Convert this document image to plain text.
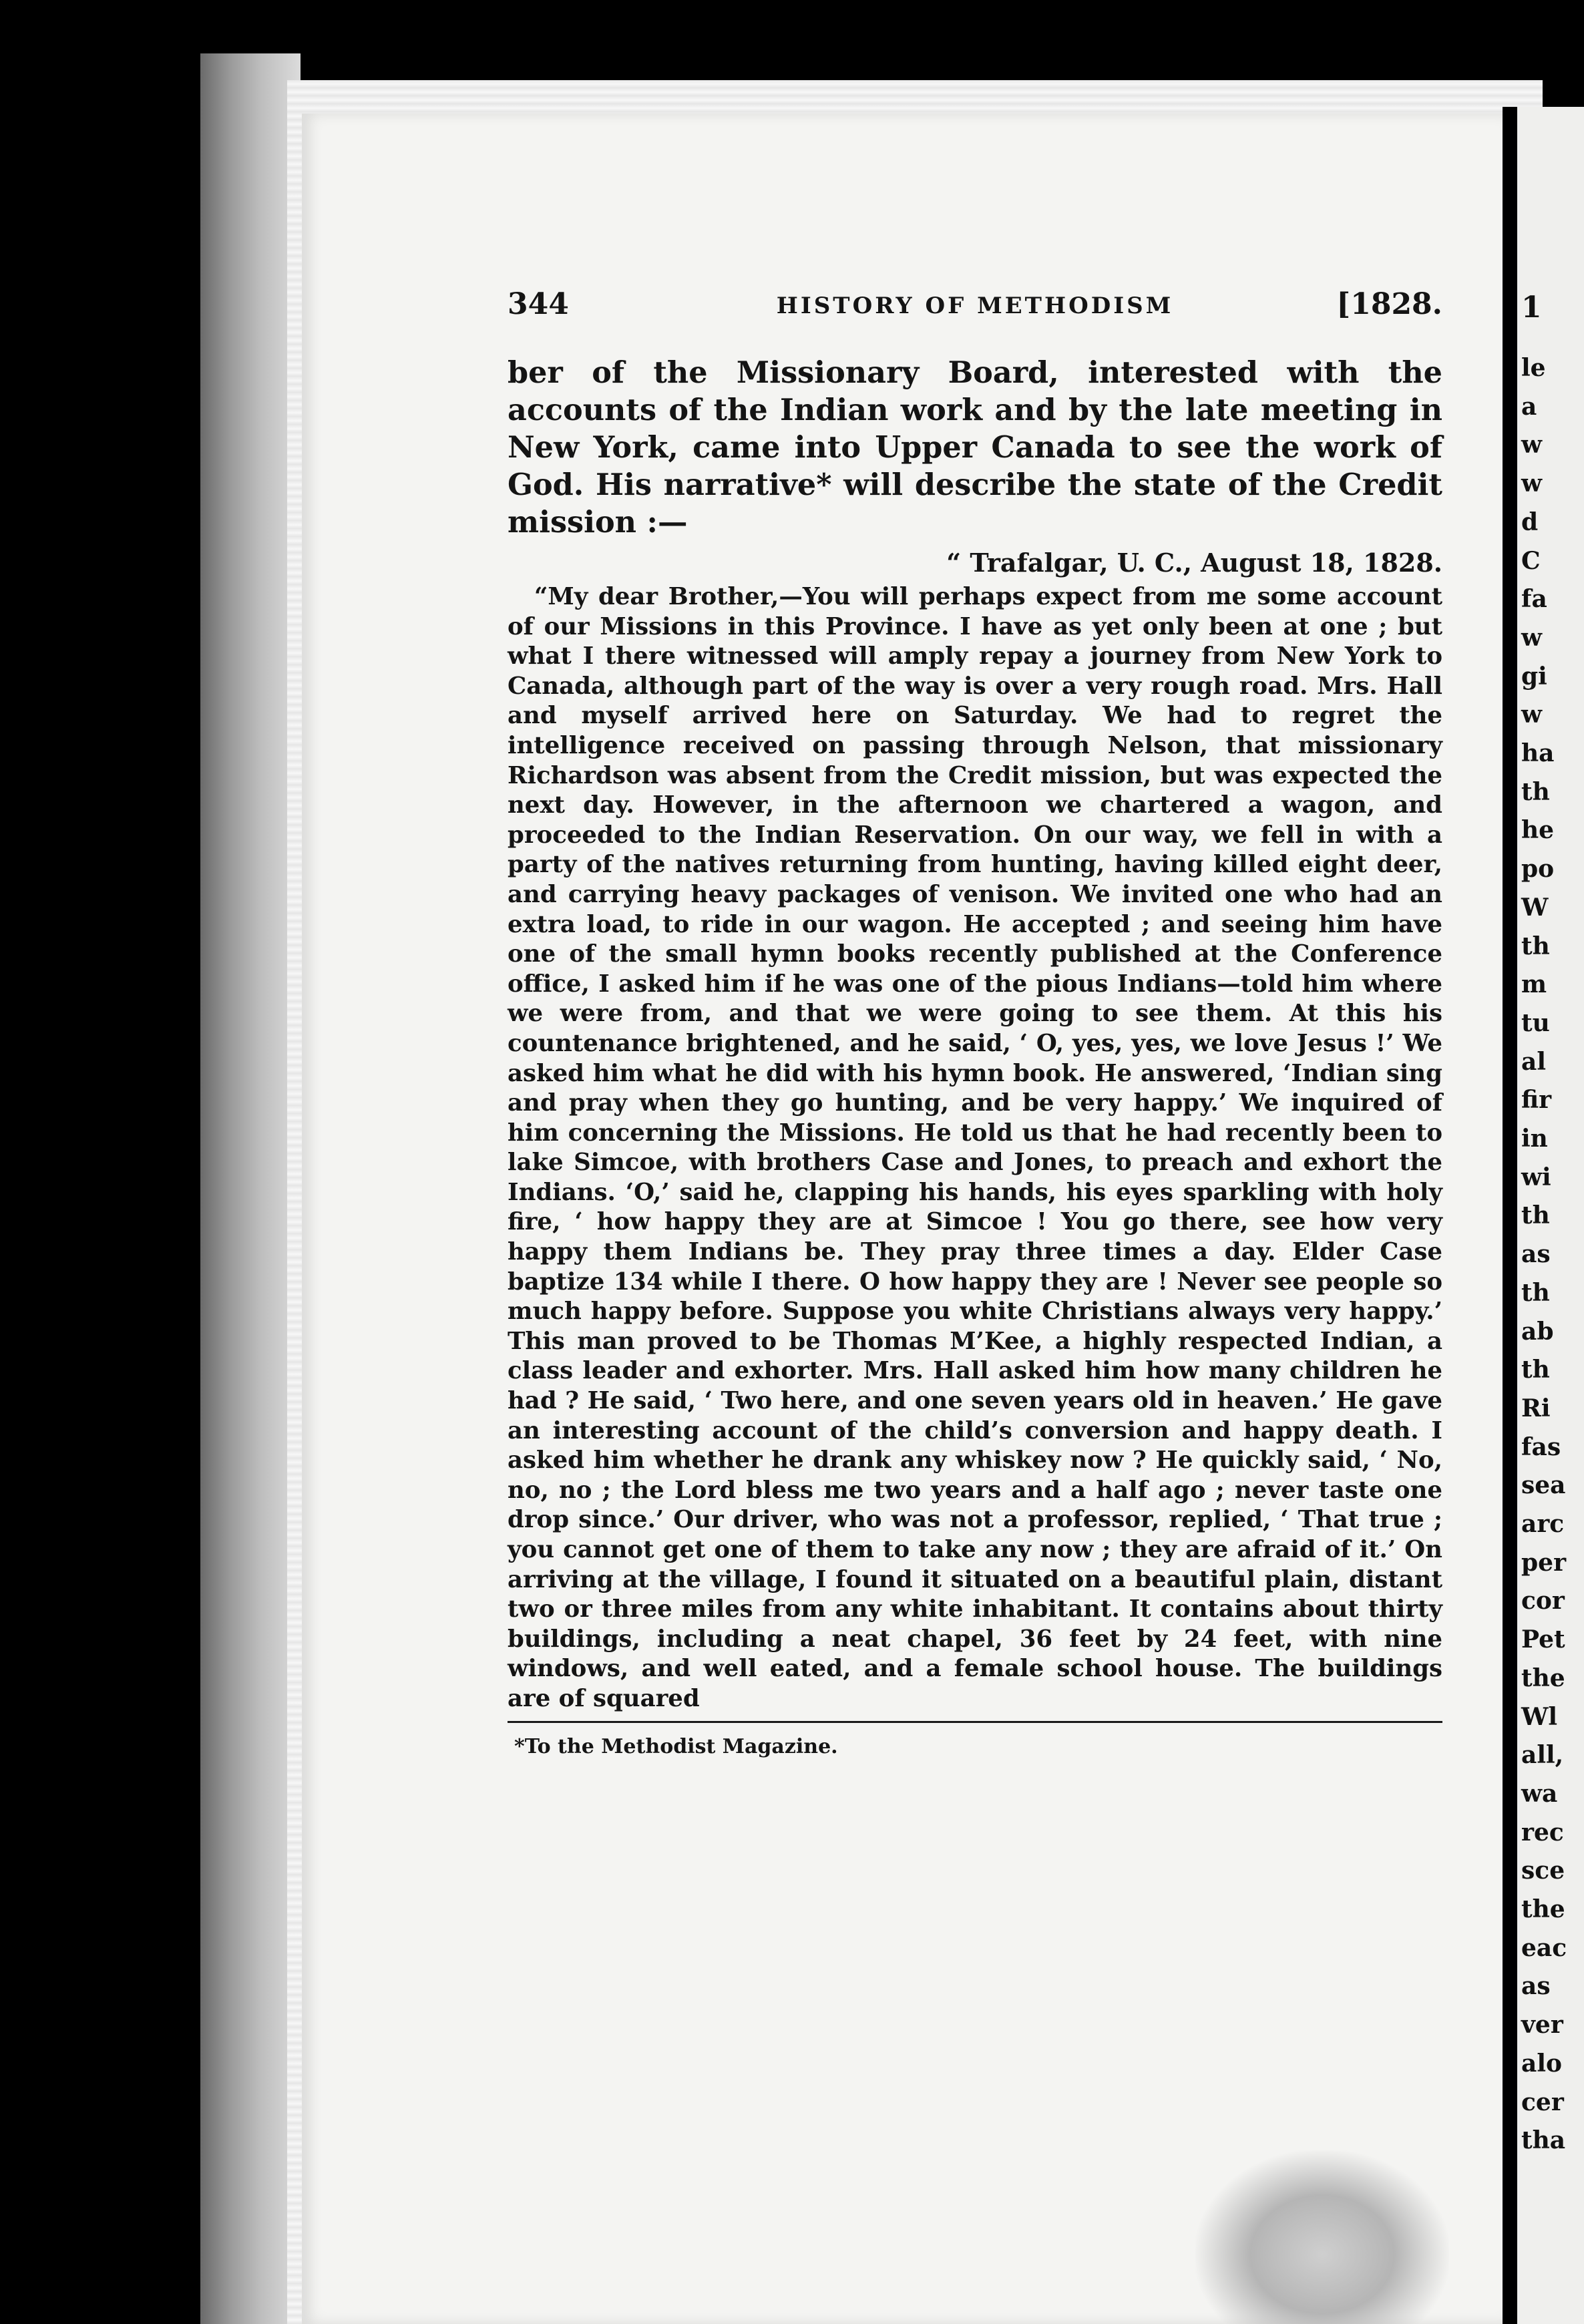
1
le
a
w
w
d
C
fa
w
gi
w
ha
th
he
po
W
th
m
tu
al
fir
in
wi
th
as
th
ab
th
Ri
fas
sea
arc
per
cor
Pet
the
Wl
all,
wa
rec
sce
the
eac
as
ver
alo
cer
tha
344	HISTORY OF METHODISM	[1828.

ber of the Missionary Board, interested with the accounts of the Indian work and by the late meeting in New York, came into Upper Canada to see the work of God. His narrative* will describe the state of the Credit mission :—

“ Trafalgar, U. C., August 18, 1828.

“My dear Brother,—You will perhaps expect from me some account of our Missions in this Province. I have as yet only been at one ; but what I there witnessed will amply repay a journey from New York to Canada, although part of the way is over a very rough road. Mrs. Hall and myself arrived here on Saturday. We had to regret the intelligence received on passing through Nelson, that missionary Richardson was absent from the Credit mission, but was expected the next day. However, in the afternoon we chartered a wagon, and proceeded to the Indian Reservation. On our way, we fell in with a party of the natives returning from hunting, having killed eight deer, and carrying heavy packages of venison. We invited one who had an extra load, to ride in our wagon. He accepted ; and seeing him have one of the small hymn books recently published at the Conference office, I asked him if he was one of the pious Indians—told him where we were from, and that we were going to see them. At this his countenance brightened, and he said, ‘ O, yes, yes, we love Jesus !’ We asked him what he did with his hymn book. He answered, ‘Indian sing and pray when they go hunting, and be very happy.’ We inquired of him concerning the Missions. He told us that he had recently been to lake Simcoe, with brothers Case and Jones, to preach and exhort the Indians. ‘O,’ said he, clapping his hands, his eyes sparkling with holy fire, ‘ how happy they are at Simcoe ! You go there, see how very happy them Indians be. They pray three times a day. Elder Case baptize 134 while I there. O how happy they are ! Never see people so much happy before. Suppose you white Christians always very happy.’ This man proved to be Thomas M’Kee, a highly respected Indian, a class leader and exhorter. Mrs. Hall asked him how many children he had ? He said, ‘ Two here, and one seven years old in heaven.’ He gave an interesting account of the child’s conversion and happy death. I asked him whether he drank any whiskey now ? He quickly said, ‘ No, no, no ; the Lord bless me two years and a half ago ; never taste one drop since.’ Our driver, who was not a professor, replied, ‘ That true ; you cannot get one of them to take any now ; they are afraid of it.’ On arriving at the village, I found it situated on a beautiful plain, distant two or three miles from any white inhabitant. It contains about thirty buildings, including a neat chapel, 36 feet by 24 feet, with nine windows, and well eated, and a female school house. The buildings are of squared

*To the Methodist Magazine.
